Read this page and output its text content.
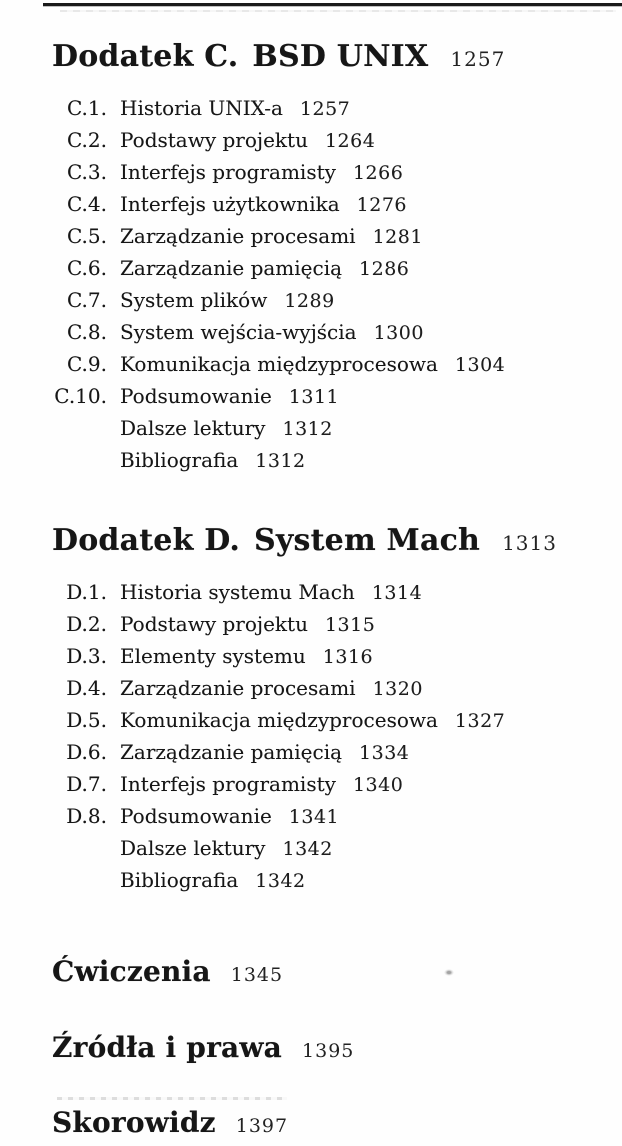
Dodatek C. BSD UNIX 1257
C.1. Historia UNIX-a 1257
C.2. Podstawy projektu 1264
C.3. Interfejs programisty 1266
C.4. Interfejs użytkownika 1276
C.5. Zarządzanie procesami 1281
C.6. Zarządzanie pamięcią 1286
C.7. System plików 1289
C.8. System wejścia-wyjścia 1300
C.9. Komunikacja międzyprocesowa 1304
C.10. Podsumowanie 1311
Dalsze lektury 1312
Bibliografia 1312
Dodatek D. System Mach 1313
D.1. Historia systemu Mach 1314
D.2. Podstawy projektu 1315
D.3. Elementy systemu 1316
D.4. Zarządzanie procesami 1320
D.5. Komunikacja międzyprocesowa 1327
D.6. Zarządzanie pamięcią 1334
D.7. Interfejs programisty 1340
D.8. Podsumowanie 1341
Dalsze lektury 1342
Bibliografia 1342
Ćwiczenia 1345
Źródła i prawa 1395
Skorowidz 1397
